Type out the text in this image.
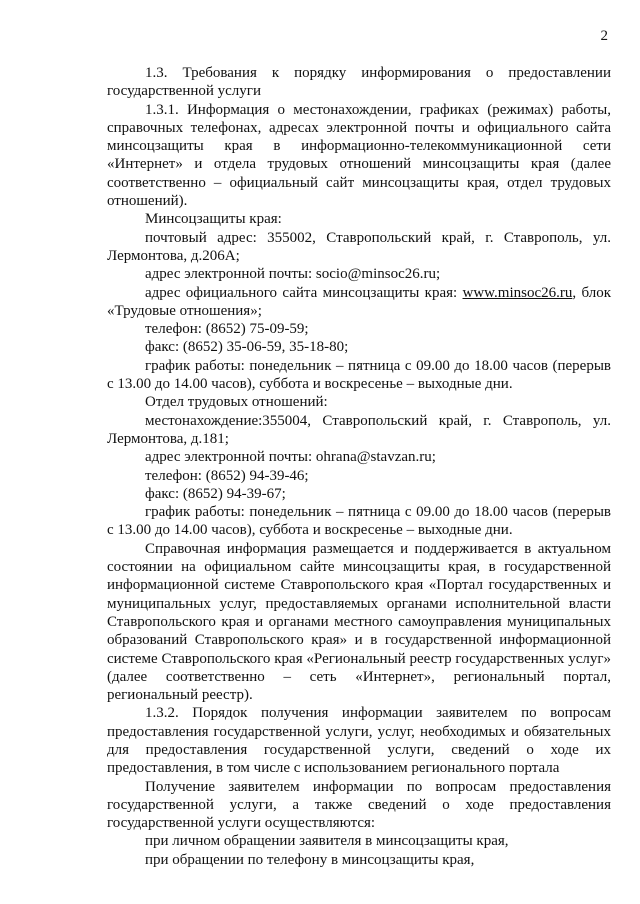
2

1.3. Требования к порядку информирования о предоставлении государственной услуги

1.3.1. Информация о местонахождении, графиках (режимах) работы, справочных телефонах, адресах электронной почты и официального сайта минсоцзащиты края в информационно-телекоммуникационной сети «Интернет» и отдела трудовых отношений минсоцзащиты края (далее соответственно – официальный сайт минсоцзащиты края, отдел трудовых отношений).

Минсоцзащиты края:

почтовый адрес: 355002, Ставропольский край, г. Ставрополь, ул. Лермонтова, д.206А;

адрес электронной почты: socio@minsoc26.ru;

адрес официального сайта минсоцзащиты края: www.minsoc26.ru, блок «Трудовые отношения»;

телефон: (8652) 75-09-59;

факс: (8652) 35-06-59, 35-18-80;

график работы: понедельник – пятница с 09.00 до 18.00 часов (перерыв с 13.00 до 14.00 часов), суббота и воскресенье – выходные дни.

Отдел трудовых отношений:

местонахождение:355004, Ставропольский край, г. Ставрополь, ул. Лермонтова, д.181;

адрес электронной почты: ohrana@stavzan.ru;

телефон: (8652) 94-39-46;

факс: (8652) 94-39-67;

график работы: понедельник – пятница с 09.00 до 18.00 часов (перерыв с 13.00 до 14.00 часов), суббота и воскресенье – выходные дни.

Справочная информация размещается и поддерживается в актуальном состоянии на официальном сайте минсоцзащиты края, в государственной информационной системе Ставропольского края «Портал государственных и муниципальных услуг, предоставляемых органами исполнительной власти Ставропольского края и органами местного самоуправления муниципальных образований Ставропольского края» и в государственной информационной системе Ставропольского края «Региональный реестр государственных услуг» (далее соответственно – сеть «Интернет», региональный портал, региональный реестр).

1.3.2. Порядок получения информации заявителем по вопросам предоставления государственной услуги, услуг, необходимых и обязательных для предоставления государственной услуги, сведений о ходе их предоставления, в том числе с использованием регионального портала

Получение заявителем информации по вопросам предоставления государственной услуги, а также сведений о ходе предоставления государственной услуги осуществляются:

при личном обращении заявителя в минсоцзащиты края,

при обращении по телефону в минсоцзащиты края,
